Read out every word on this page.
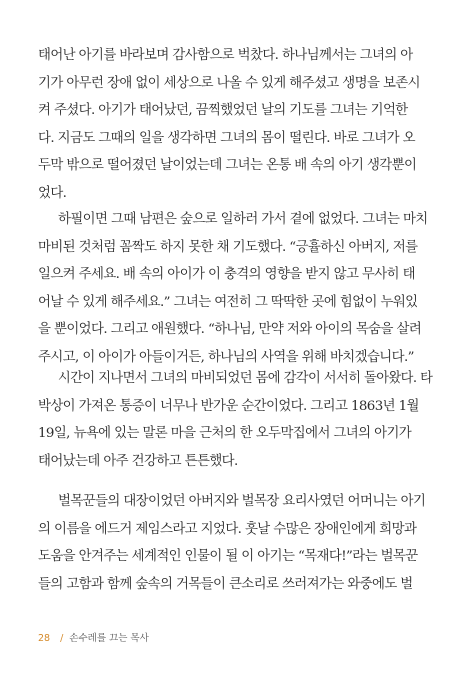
태어난 아기를 바라보며 감사함으로 벅찼다. 하나님께서는 그녀의 아
기가 아무런 장애 없이 세상으로 나올 수 있게 해주셨고 생명을 보존시
켜 주셨다. 아기가 태어났던, 끔찍했었던 날의 기도를 그녀는 기억한
다. 지금도 그때의 일을 생각하면 그녀의 몸이 떨린다. 바로 그녀가 오
두막 밖으로 떨어졌던 날이었는데 그녀는 온통 배 속의 아기 생각뿐이
었다.
하필이면 그때 남편은 숲으로 일하러 가서 곁에 없었다. 그녀는 마치
마비된 것처럼 꼼짝도 하지 못한 채 기도했다. “긍휼하신 아버지, 저를
일으켜 주세요. 배 속의 아이가 이 충격의 영향을 받지 않고 무사히 태
어날 수 있게 해주세요.” 그녀는 여전히 그 딱딱한 곳에 힘없이 누워있
을 뿐이었다. 그리고 애원했다. “하나님, 만약 저와 아이의 목숨을 살려
주시고, 이 아이가 아들이거든, 하나님의 사역을 위해 바치겠습니다.”
시간이 지나면서 그녀의 마비되었던 몸에 감각이 서서히 돌아왔다. 타
박상이 가져온 통증이 너무나 반가운 순간이었다. 그리고 1863년 1월
19일, 뉴욕에 있는 말론 마을 근처의 한 오두막집에서 그녀의 아기가
태어났는데 아주 건강하고 튼튼했다.
벌목꾼들의 대장이었던 아버지와 벌목장 요리사였던 어머니는 아기
의 이름을 에드거 제임스라고 지었다. 훗날 수많은 장애인에게 희망과
도움을 안겨주는 세계적인 인물이 될 이 아기는 “목재다!”라는 벌목꾼
들의 고함과 함께 숲속의 거목들이 큰소리로 쓰러져가는 와중에도 벌
28 / 손수레를 끄는 목사
